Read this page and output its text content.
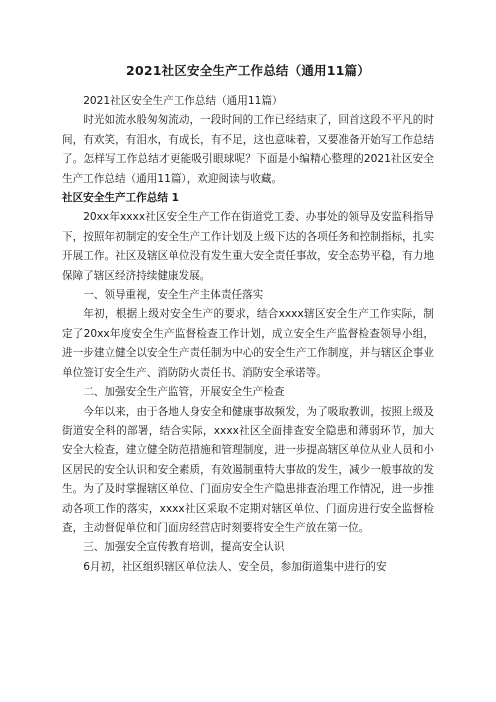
2021社区安全生产工作总结（通用11篇）

2021社区安全生产工作总结（通用11篇）

时光如流水般匆匆流动，一段时间的工作已经结束了，回首这段不平凡的时间，有欢笑，有泪水，有成长，有不足，这也意味着，又要准备开始写工作总结了。怎样写工作总结才更能吸引眼球呢？下面是小编精心整理的2021社区安全生产工作总结（通用11篇），欢迎阅读与收藏。

社区安全生产工作总结 1

20xx年xxxx社区安全生产工作在街道党工委、办事处的领导及安监科指导下，按照年初制定的安全生产工作计划及上级下达的各项任务和控制指标，扎实开展工作。社区及辖区单位没有发生重大安全责任事故，安全态势平稳，有力地保障了辖区经济持续健康发展。

一、领导重视，安全生产主体责任落实

年初，根据上级对安全生产的要求，结合xxxx辖区安全生产工作实际，制定了20xx年度安全生产监督检查工作计划，成立安全生产监督检查领导小组，进一步建立健全以安全生产责任制为中心的安全生产工作制度，并与辖区企事业单位签订安全生产、消防防火责任书、消防安全承诺等。

二、加强安全生产监管，开展安全生产检查

今年以来，由于各地人身安全和健康事故频发，为了吸取教训，按照上级及街道安全科的部署，结合实际，xxxx社区全面排查安全隐患和薄弱环节，加大安全大检查，建立健全防范措施和管理制度，进一步提高辖区单位从业人员和小区居民的安全认识和安全素质，有效遏制重特大事故的发生，减少一般事故的发生。为了及时掌握辖区单位、门面房安全生产隐患排查治理工作情况，进一步推动各项工作的落实，xxxx社区采取不定期对辖区单位、门面房进行安全监督检查，主动督促单位和门面房经营店时刻要将安全生产放在第一位。

三、加强安全宣传教育培训，提高安全认识

6月初，社区组织辖区单位法人、安全员，参加街道集中进行的安
